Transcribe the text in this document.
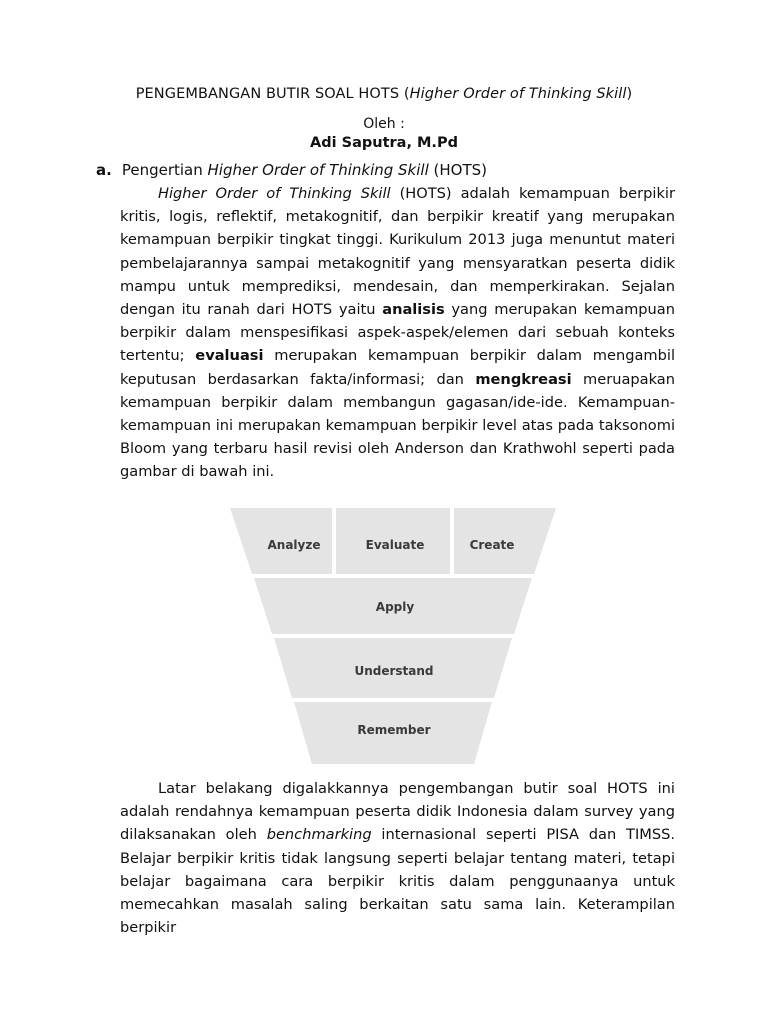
PENGEMBANGAN BUTIR SOAL HOTS (Higher Order of Thinking Skill)
Oleh :
Adi Saputra, M.Pd
a. Pengertian Higher Order of Thinking Skill (HOTS)

Higher Order of Thinking Skill (HOTS) adalah kemampuan berpikir kritis, logis, reflektif, metakognitif, dan berpikir kreatif yang merupakan kemampuan berpikir tingkat tinggi. Kurikulum 2013 juga menuntut materi pembelajarannya sampai metakognitif yang mensyaratkan peserta didik mampu untuk memprediksi, mendesain, dan memperkirakan. Sejalan dengan itu ranah dari HOTS yaitu analisis yang merupakan kemampuan berpikir dalam menspesifikasi aspek-aspek/elemen dari sebuah konteks tertentu; evaluasi merupakan kemampuan berpikir dalam mengambil keputusan berdasarkan fakta/informasi; dan mengkreasi meruapakan kemampuan berpikir dalam membangun gagasan/ide-ide. Kemampuan-kemampuan ini merupakan kemampuan berpikir level atas pada taksonomi Bloom yang terbaru hasil revisi oleh Anderson dan Krathwohl seperti pada gambar di bawah ini.

Analyze	Evaluate	Create
Apply
Understand
Remember

Latar belakang digalakkannya pengembangan butir soal HOTS ini adalah rendahnya kemampuan peserta didik Indonesia dalam survey yang dilaksanakan oleh benchmarking internasional seperti PISA dan TIMSS. Belajar berpikir kritis tidak langsung seperti belajar tentang materi, tetapi belajar bagaimana cara berpikir kritis dalam penggunaanya untuk memecahkan masalah saling berkaitan satu sama lain. Keterampilan berpikir
